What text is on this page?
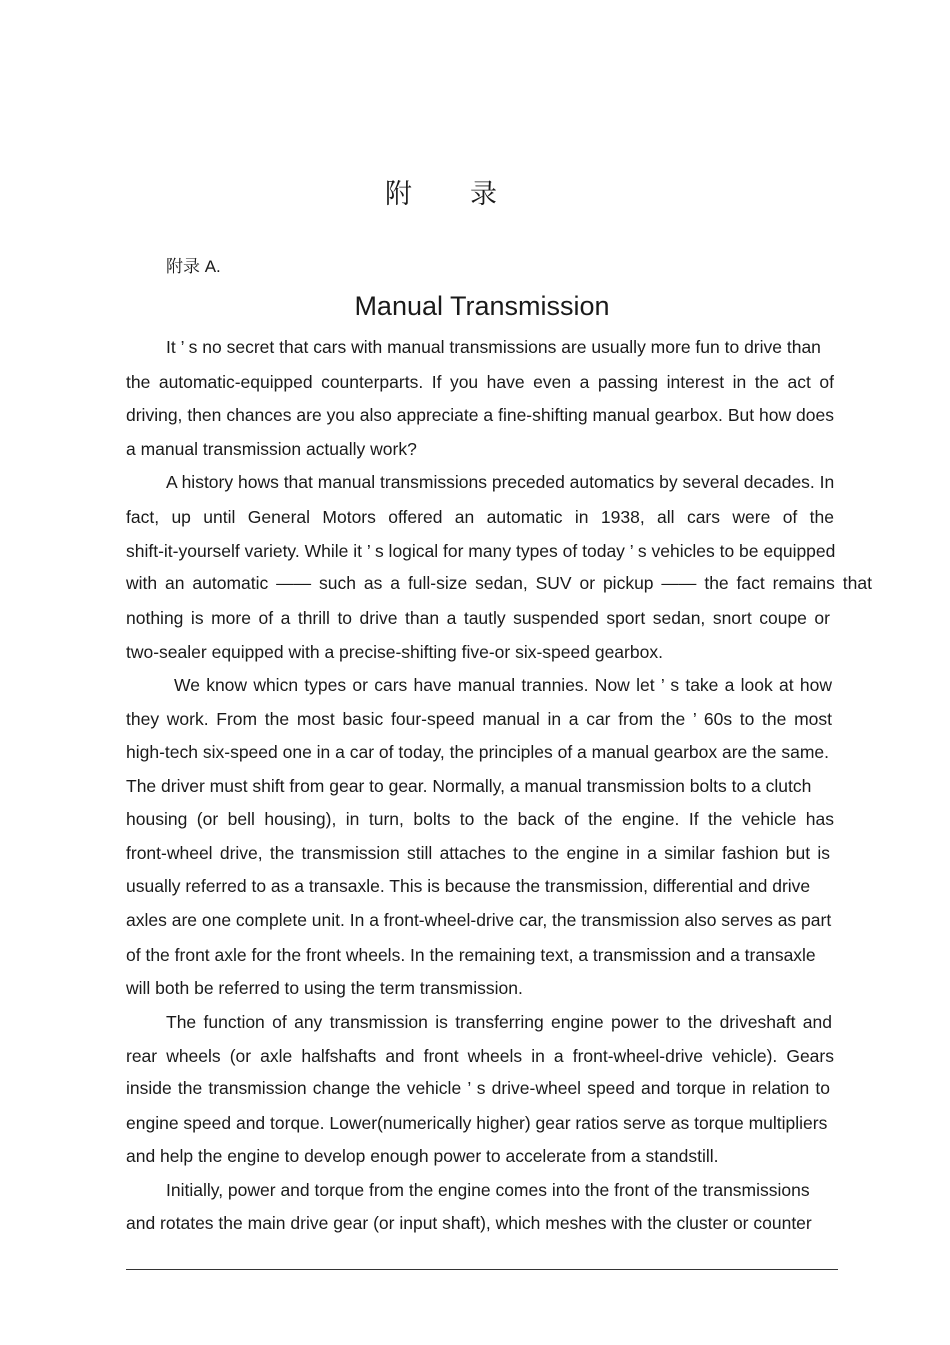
附录
附录 A.
Manual Transmission

It ’ s no secret that cars with manual transmissions are usually more fun to drive than

the automatic-equipped counterparts. If you have even a passing interest in the act of

driving, then chances are you also appreciate a fine-shifting manual gearbox. But how does

a manual transmission actually work?

A history hows that manual transmissions preceded automatics by several decades. In

fact, up until General Motors offered an automatic in 1938, all cars were of the

shift-it-yourself variety. While it ’ s logical for many types of today ’ s vehicles to be equipped

with an automatic —— such as a full-size sedan, SUV or pickup —— the fact remains that

nothing is more of a thrill to drive than a tautly suspended sport sedan, snort coupe or

two-sealer equipped with a precise-shifting five-or six-speed gearbox.

We know whicn types or cars have manual trannies. Now let ’ s take a look at how

they work. From the most basic four-speed manual in a car from the ’ 60s to the most

high-tech six-speed one in a car of today, the principles of a manual gearbox are the same.

The driver must shift from gear to gear. Normally, a manual transmission bolts to a clutch

housing (or bell housing), in turn, bolts to the back of the engine. If the vehicle has

front-wheel drive, the transmission still attaches to the engine in a similar fashion but is

usually referred to as a transaxle. This is because the transmission, differential and drive

axles are one complete unit. In a front-wheel-drive car, the transmission also serves as part

of the front axle for the front wheels. In the remaining text, a transmission and a transaxle

will both be referred to using the term transmission.

The function of any transmission is transferring engine power to the driveshaft and

rear wheels (or axle halfshafts and front wheels in a front-wheel-drive vehicle). Gears

inside the transmission change the vehicle ’ s drive-wheel speed and torque in relation to

engine speed and torque. Lower(numerically higher) gear ratios serve as torque multipliers

and help the engine to develop enough power to accelerate from a standstill.

Initially, power and torque from the engine comes into the front of the transmissions

and rotates the main drive gear (or input shaft), which meshes with the cluster or counter
